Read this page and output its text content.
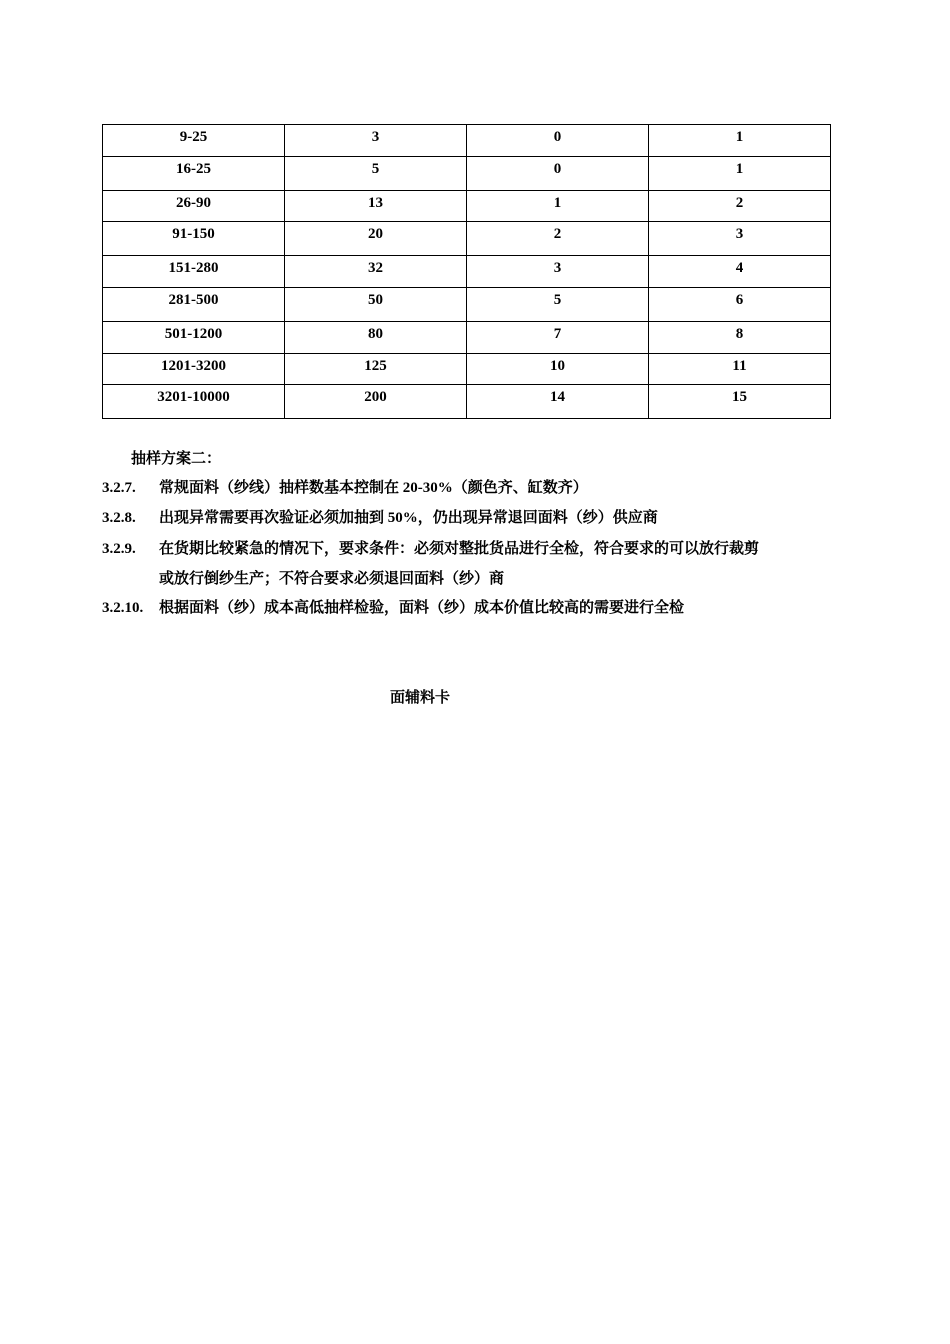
9-25	3	0	1
16-25	5	0	1
26-90	13	1	2
91-150	20	2	3
151-280	32	3	4
281-500	50	5	6
501-1200	80	7	8
1201-3200	125	10	11
3201-10000	200	14	15
抽样方案二：
3.2.7. 常规面料（纱线）抽样数基本控制在 20-30%（颜色齐、缸数齐）
3.2.8. 出现异常需要再次验证必须加抽到 50%，仍出现异常退回面料（纱）供应商
3.2.9. 在货期比较紧急的情况下，要求条件：必须对整批货品进行全检，符合要求的可以放行裁剪
或放行倒纱生产；不符合要求必须退回面料（纱）商
3.2.10. 根据面料（纱）成本高低抽样检验，面料（纱）成本价值比较高的需要进行全检
面辅料卡
